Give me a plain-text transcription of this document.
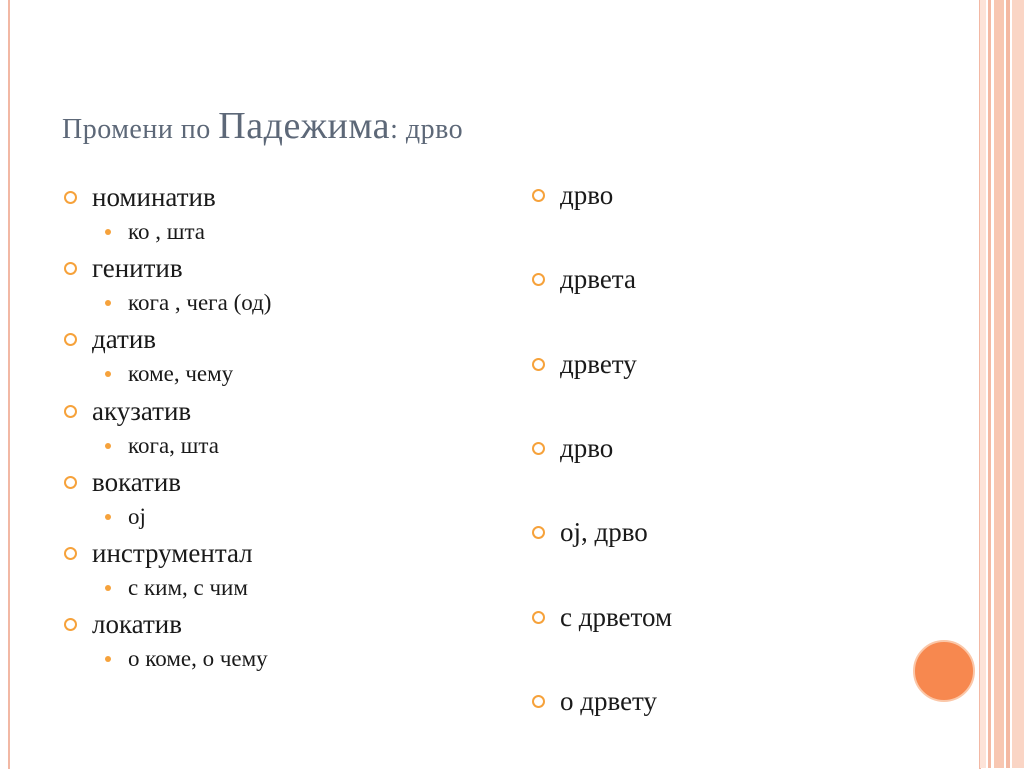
Промени по Падежима: дрво
номинатив
ко , шта
генитив
кога , чега (од)
датив
коме, чему
акузатив
кога, шта
вокатив
ој
инструментал
с ким, с чим
локатив
о коме, о чему
дрво
дрвета
дрвету
дрво
ој, дрво
с дрветом
о дрвету
